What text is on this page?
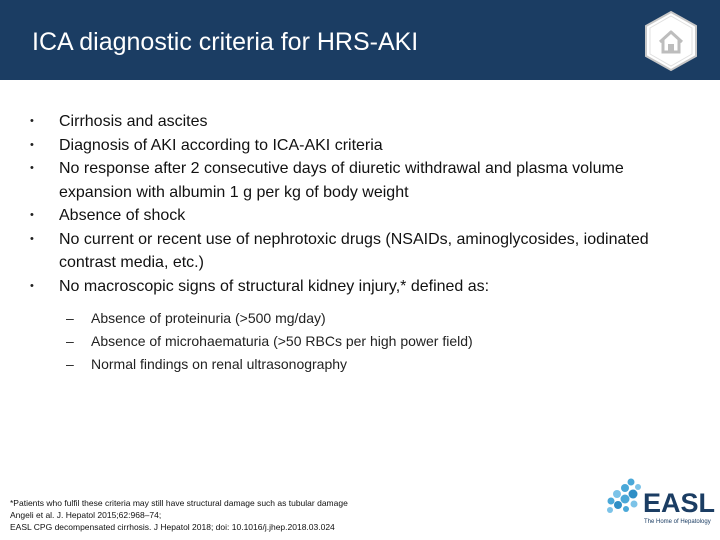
ICA diagnostic criteria for HRS-AKI
• Cirrhosis and ascites
• Diagnosis of AKI according to ICA-AKI criteria
• No response after 2 consecutive days of diuretic withdrawal and plasma volume expansion with albumin 1 g per kg of body weight
• Absence of shock
• No current or recent use of nephrotoxic drugs (NSAIDs, aminoglycosides, iodinated contrast media, etc.)
• No macroscopic signs of structural kidney injury,* defined as:
– Absence of proteinuria (>500 mg/day)
– Absence of microhaematuria (>50 RBCs per high power field)
– Normal findings on renal ultrasonography
*Patients who fulfil these criteria may still have structural damage such as tubular damage
Angeli et al. J. Hepatol 2015;62:968–74;
EASL CPG decompensated cirrhosis. J Hepatol 2018; doi: 10.1016/j.jhep.2018.03.024
EASL
The Home of Hepatology
